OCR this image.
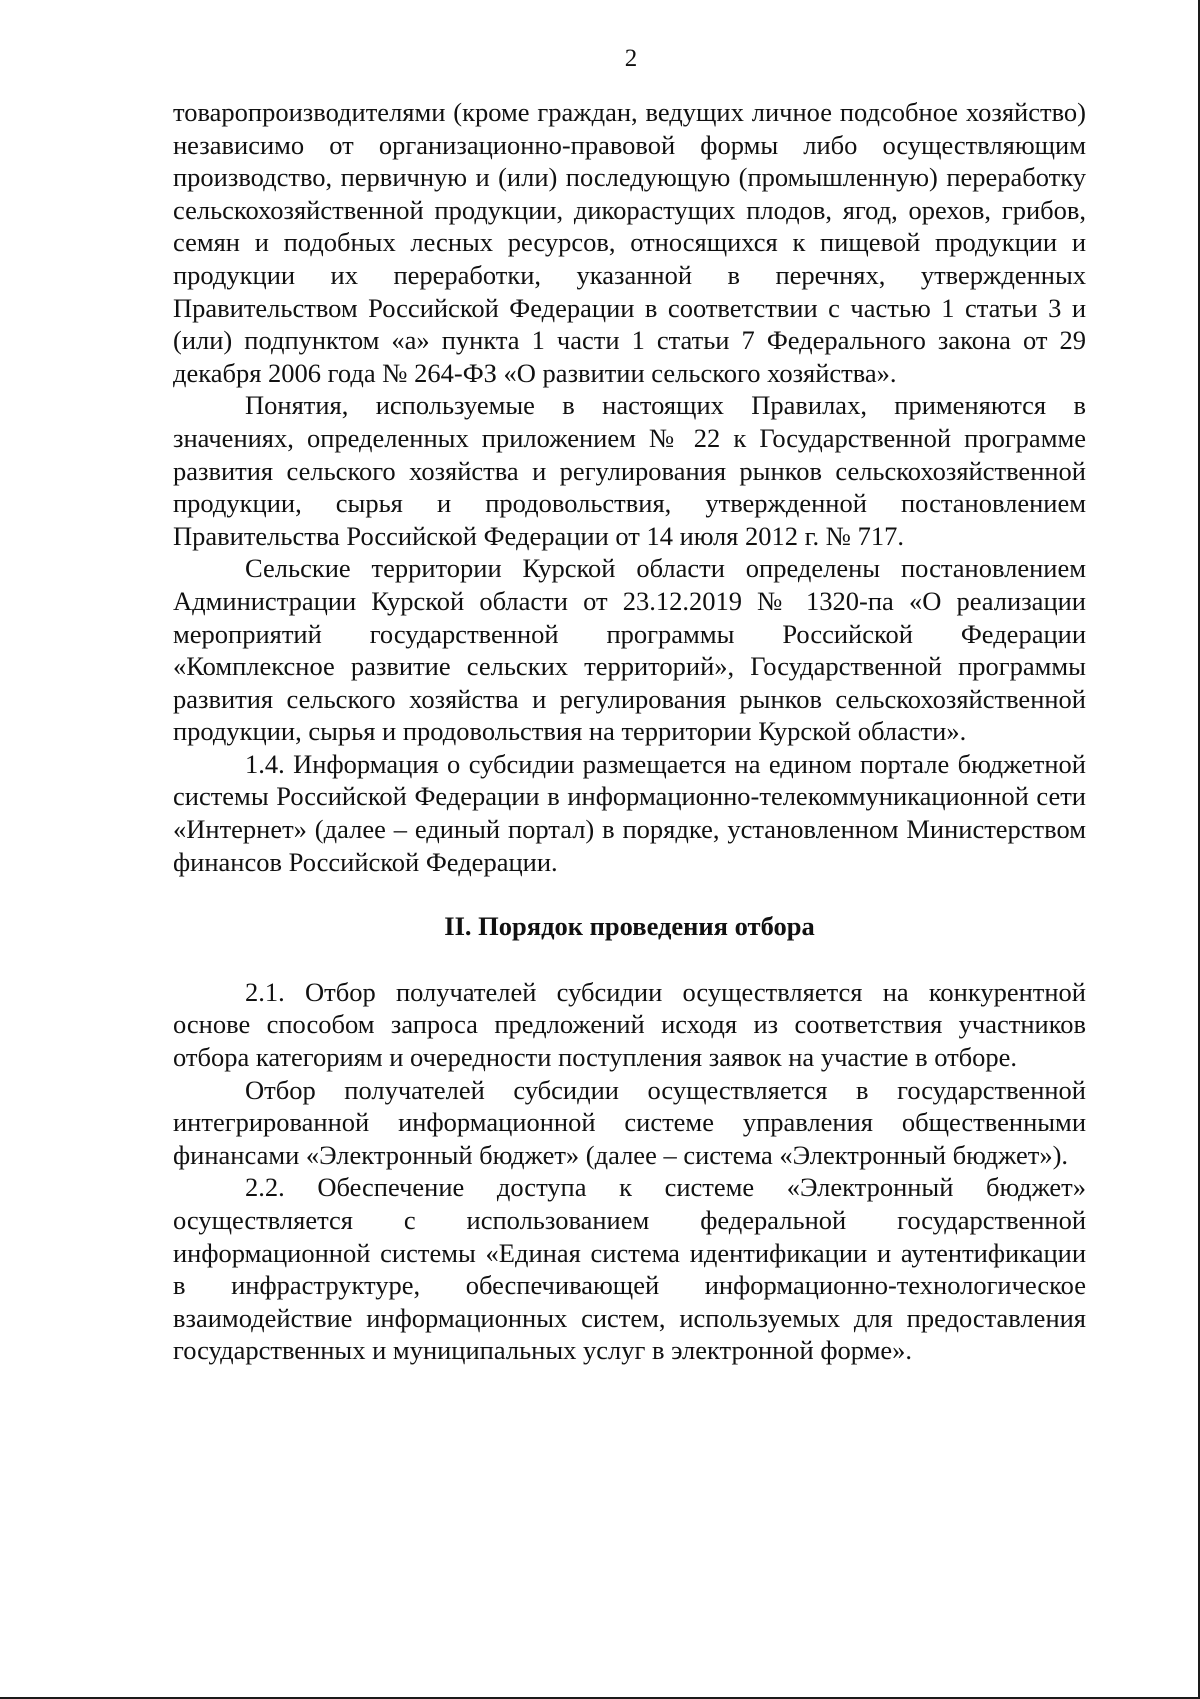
2

товаропроизводителями (кроме граждан, ведущих личное подсобное хозяйство) независимо от организационно-правовой формы либо осуществляющим производство, первичную и (или) последующую (промышленную) переработку сельскохозяйственной продукции, дикорастущих плодов, ягод, орехов, грибов, семян и подобных лесных ресурсов, относящихся к пищевой продукции и продукции их переработки, указанной в перечнях, утвержденных Правительством Российской Федерации в соответствии с частью 1 статьи 3 и (или) подпунктом «а» пункта 1 части 1 статьи 7 Федерального закона от 29 декабря 2006 года № 264-ФЗ «О развитии сельского хозяйства».

Понятия, используемые в настоящих Правилах, применяются в значениях, определенных приложением № 22 к Государственной программе развития сельского хозяйства и регулирования рынков сельскохозяйственной продукции, сырья и продовольствия, утвержденной постановлением Правительства Российской Федерации от 14 июля 2012 г. № 717.

Сельские территории Курской области определены постановлением Администрации Курской области от 23.12.2019 № 1320-па «О реализации мероприятий государственной программы Российской Федерации «Комплексное развитие сельских территорий», Государственной программы развития сельского хозяйства и регулирования рынков сельскохозяйственной продукции, сырья и продовольствия на территории Курской области».

1.4. Информация о субсидии размещается на едином портале бюджетной системы Российской Федерации в информационно-телекоммуникационной сети «Интернет» (далее – единый портал) в порядке, установленном Министерством финансов Российской Федерации.

II. Порядок проведения отбора

2.1. Отбор получателей субсидии осуществляется на конкурентной основе способом запроса предложений исходя из соответствия участников отбора категориям и очередности поступления заявок на участие в отборе.

Отбор получателей субсидии осуществляется в государственной интегрированной информационной системе управления общественными финансами «Электронный бюджет» (далее – система «Электронный бюджет»).

2.2. Обеспечение доступа к системе «Электронный бюджет» осуществляется с использованием федеральной государственной информационной системы «Единая система идентификации и аутентификации в инфраструктуре, обеспечивающей информационно-технологическое взаимодействие информационных систем, используемых для предоставления государственных и муниципальных услуг в электронной форме».
